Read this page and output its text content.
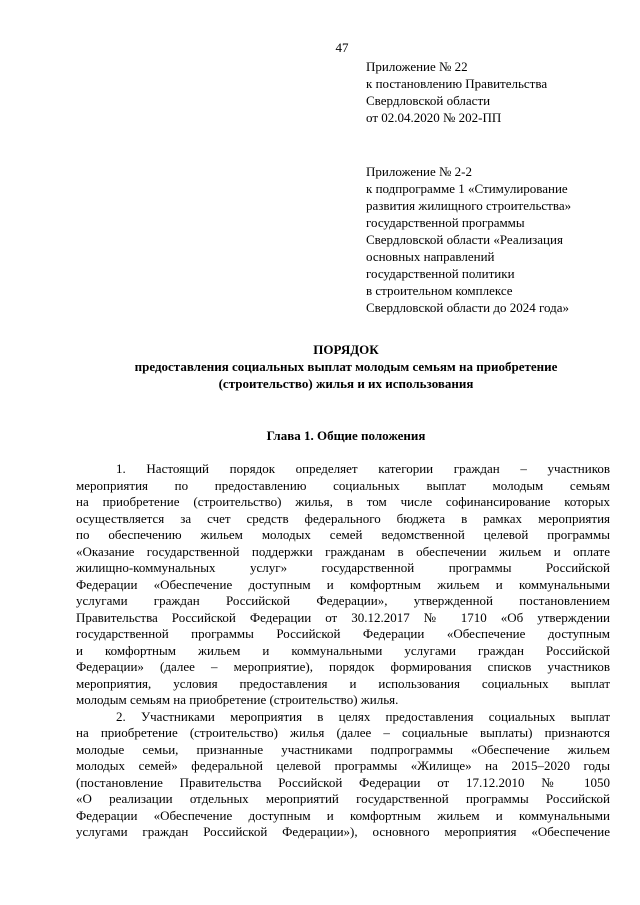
47
Приложение № 22
к постановлению Правительства
Свердловской области
от 02.04.2020 № 202-ПП
Приложение № 2-2
к подпрограмме 1 «Стимулирование
развития жилищного строительства»
государственной программы
Свердловской области «Реализация
основных направлений
государственной политики
в строительном комплексе
Свердловской области до 2024 года»
ПОРЯДОК
предоставления социальных выплат молодым семьям на приобретение
(строительство) жилья и их использования
Глава 1. Общие положения
1. Настоящий порядок определяет категории граждан – участников
мероприятия по предоставлению социальных выплат молодым семьям
на приобретение (строительство) жилья, в том числе софинансирование которых
осуществляется за счет средств федерального бюджета в рамках мероприятия
по обеспечению жильем молодых семей ведомственной целевой программы
«Оказание государственной поддержки гражданам в обеспечении жильем и оплате
жилищно-коммунальных услуг» государственной программы Российской
Федерации «Обеспечение доступным и комфортным жильем и коммунальными
услугами граждан Российской Федерации», утвержденной постановлением
Правительства Российской Федерации от 30.12.2017 № 1710 «Об утверждении
государственной программы Российской Федерации «Обеспечение доступным
и комфортным жильем и коммунальными услугами граждан Российской
Федерации» (далее – мероприятие), порядок формирования списков участников
мероприятия, условия предоставления и использования социальных выплат
молодым семьям на приобретение (строительство) жилья.
2. Участниками мероприятия в целях предоставления социальных выплат
на приобретение (строительство) жилья (далее – социальные выплаты) признаются
молодые семьи, признанные участниками подпрограммы «Обеспечение жильем
молодых семей» федеральной целевой программы «Жилище» на 2015–2020 годы
(постановление Правительства Российской Федерации от 17.12.2010 № 1050
«О реализации отдельных мероприятий государственной программы Российской
Федерации «Обеспечение доступным и комфортным жильем и коммунальными
услугами граждан Российской Федерации»), основного мероприятия «Обеспечение
